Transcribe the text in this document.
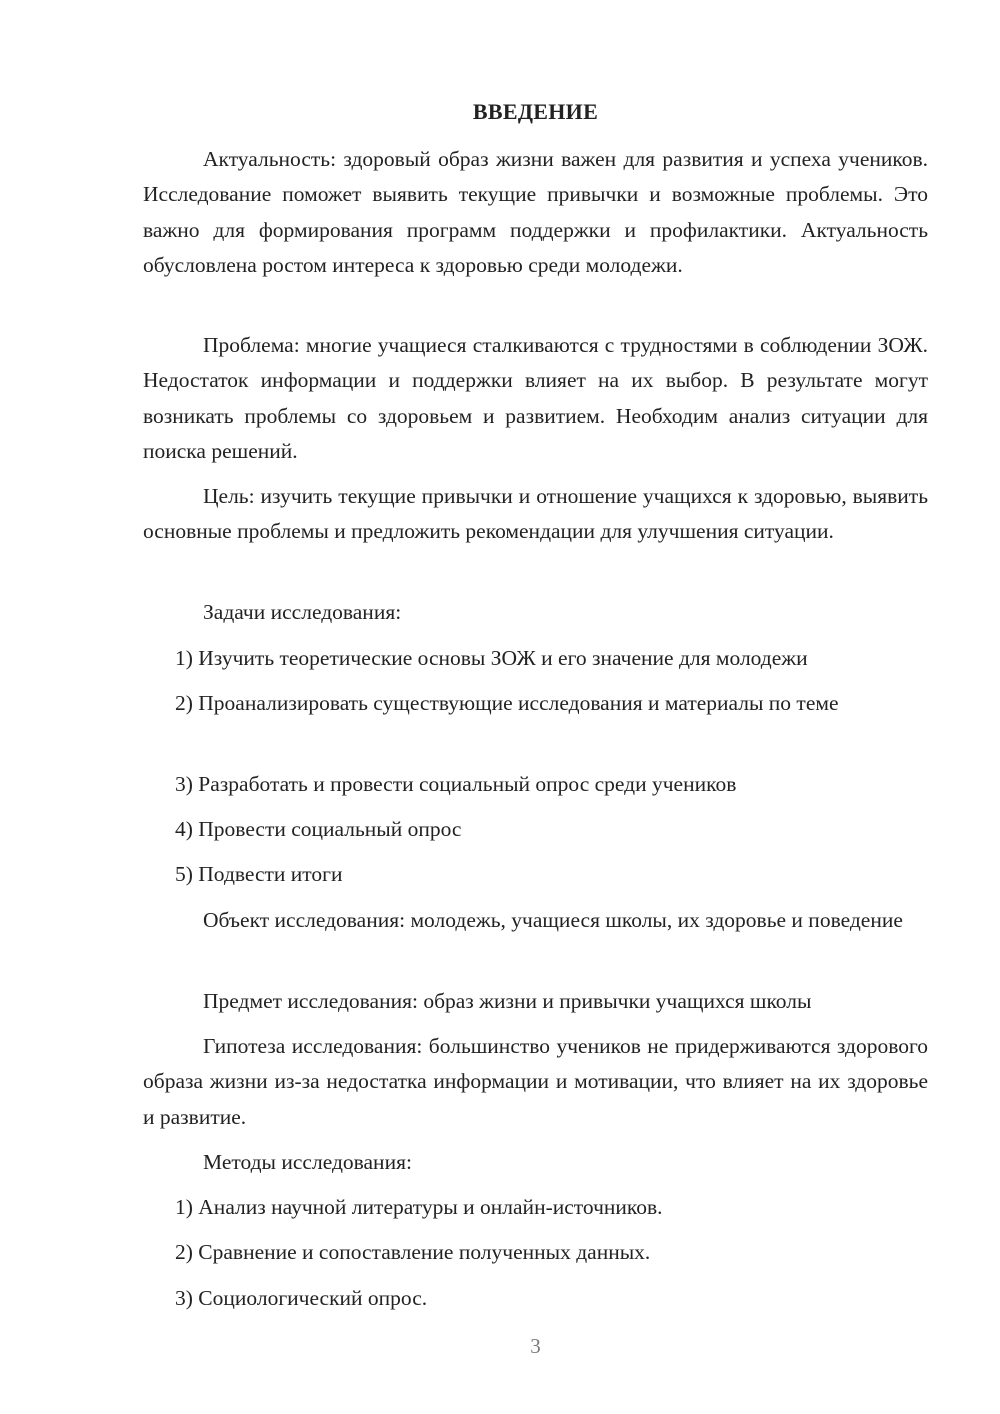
ВВЕДЕНИЕ

Актуальность: здоровый образ жизни важен для развития и успеха учеников. Исследование поможет выявить текущие привычки и возможные проблемы. Это важно для формирования программ поддержки и профилактики. Актуальность обусловлена ростом интереса к здоровью среди молодежи.

Проблема: многие учащиеся сталкиваются с трудностями в соблюдении ЗОЖ. Недостаток информации и поддержки влияет на их выбор. В результате могут возникать проблемы со здоровьем и развитием. Необходим анализ ситуации для поиска решений.

Цель: изучить текущие привычки и отношение учащихся к здоровью, выявить основные проблемы и предложить рекомендации для улучшения ситуации.

Задачи исследования:

1) Изучить теоретические основы ЗОЖ и его значение для молодежи

2) Проанализировать существующие исследования и материалы по теме

3) Разработать и провести социальный опрос среди учеников

4) Провести социальный опрос

5) Подвести итоги

Объект исследования: молодежь, учащиеся школы, их здоровье и поведение

Предмет исследования: образ жизни и привычки учащихся школы

Гипотеза исследования: большинство учеников не придерживаются здорового образа жизни из-за недостатка информации и мотивации, что влияет на их здоровье и развитие.

Методы исследования:

1) Анализ научной литературы и онлайн-источников.

2) Сравнение и сопоставление полученных данных.

3) Социологический опрос.

3
